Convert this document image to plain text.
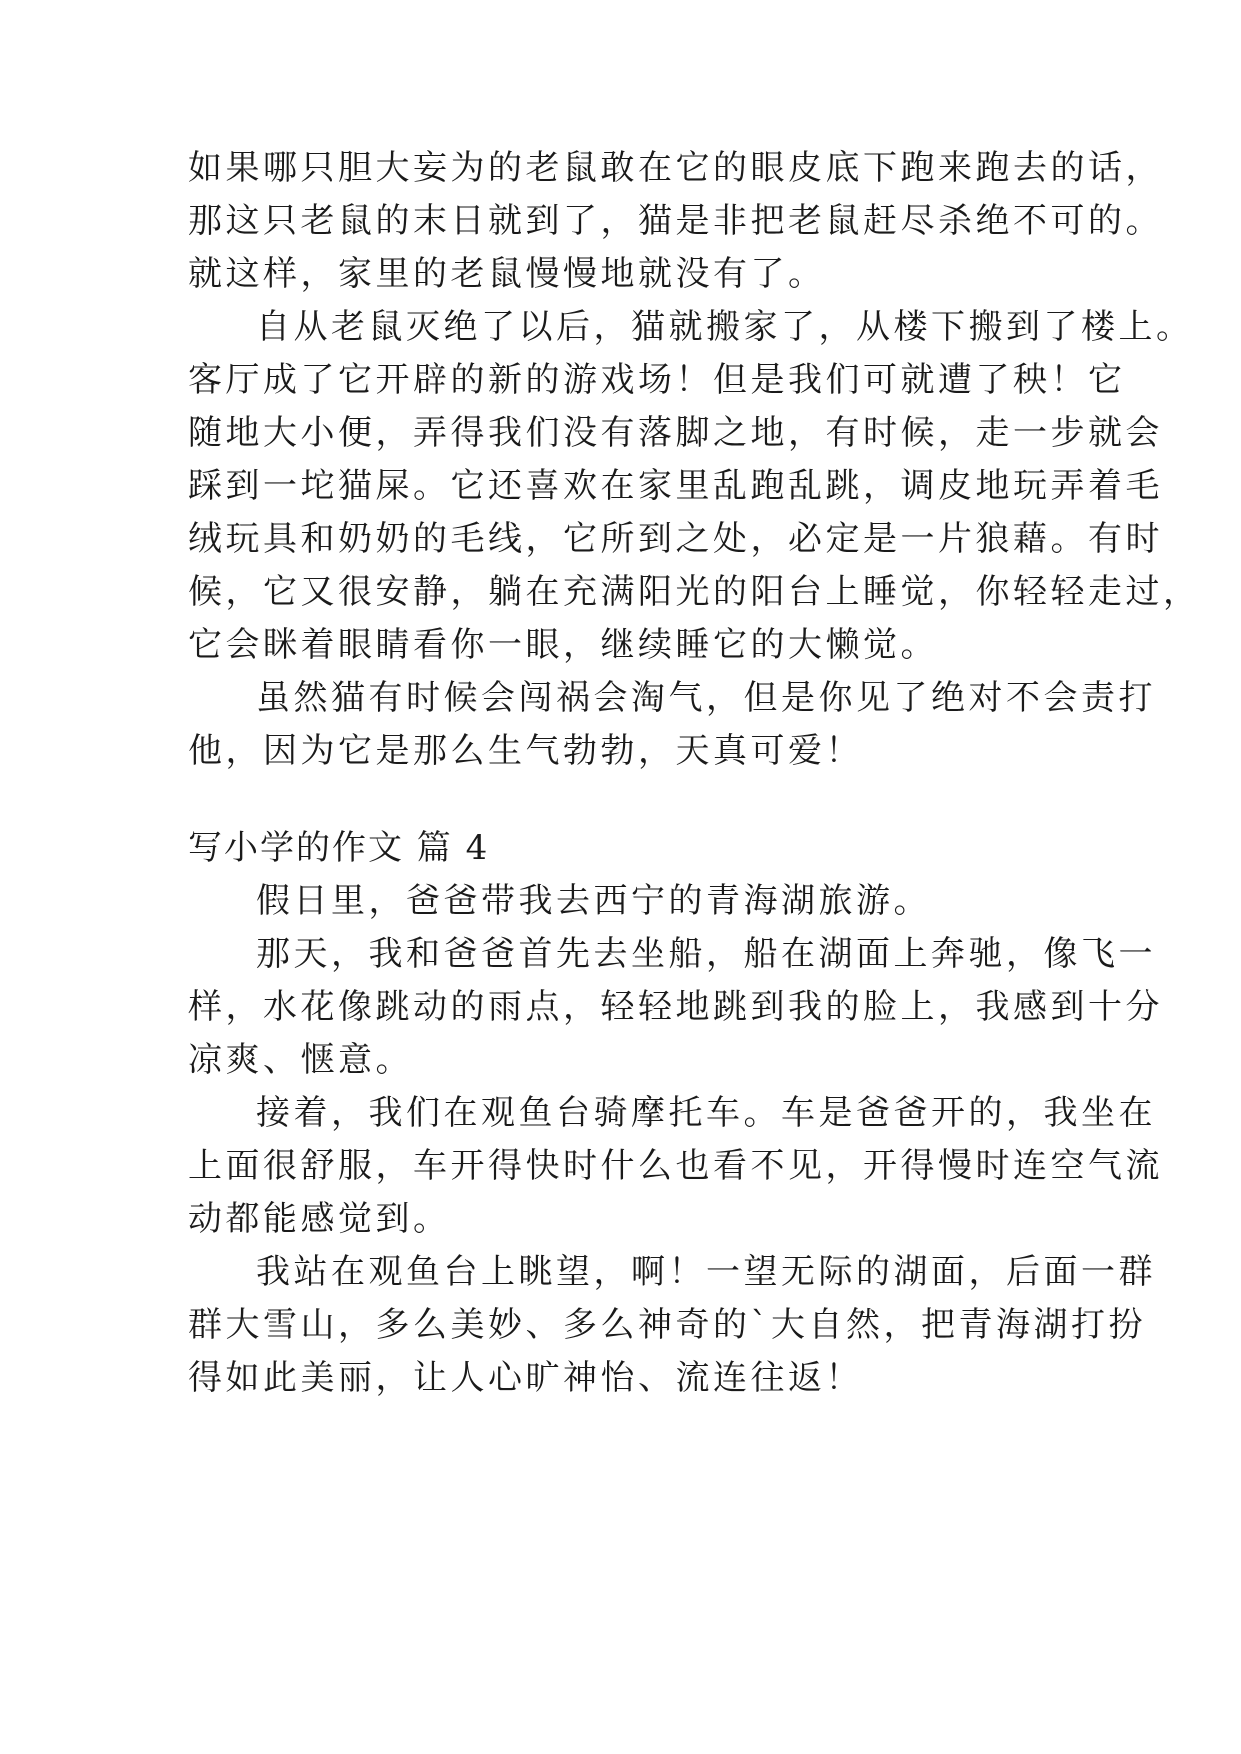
如果哪只胆大妄为的老鼠敢在它的眼皮底下跑来跑去的话，
那这只老鼠的末日就到了，猫是非把老鼠赶尽杀绝不可的。
就这样，家里的老鼠慢慢地就没有了。
自从老鼠灭绝了以后，猫就搬家了，从楼下搬到了楼上。
客厅成了它开辟的新的游戏场！但是我们可就遭了秧！它
随地大小便，弄得我们没有落脚之地，有时候，走一步就会
踩到一坨猫屎。它还喜欢在家里乱跑乱跳，调皮地玩弄着毛
绒玩具和奶奶的毛线，它所到之处，必定是一片狼藉。有时
候，它又很安静，躺在充满阳光的阳台上睡觉，你轻轻走过，
它会眯着眼睛看你一眼，继续睡它的大懒觉。
虽然猫有时候会闯祸会淘气，但是你见了绝对不会责打
他，因为它是那么生气勃勃，天真可爱！
写小学的作文 篇 4
假日里，爸爸带我去西宁的青海湖旅游。
那天，我和爸爸首先去坐船，船在湖面上奔驰，像飞一
样，水花像跳动的雨点，轻轻地跳到我的脸上，我感到十分
凉爽、惬意。
接着，我们在观鱼台骑摩托车。车是爸爸开的，我坐在
上面很舒服，车开得快时什么也看不见，开得慢时连空气流
动都能感觉到。
我站在观鱼台上眺望，啊！一望无际的湖面，后面一群
群大雪山，多么美妙、多么神奇的`大自然，把青海湖打扮
得如此美丽，让人心旷神怡、流连往返！
